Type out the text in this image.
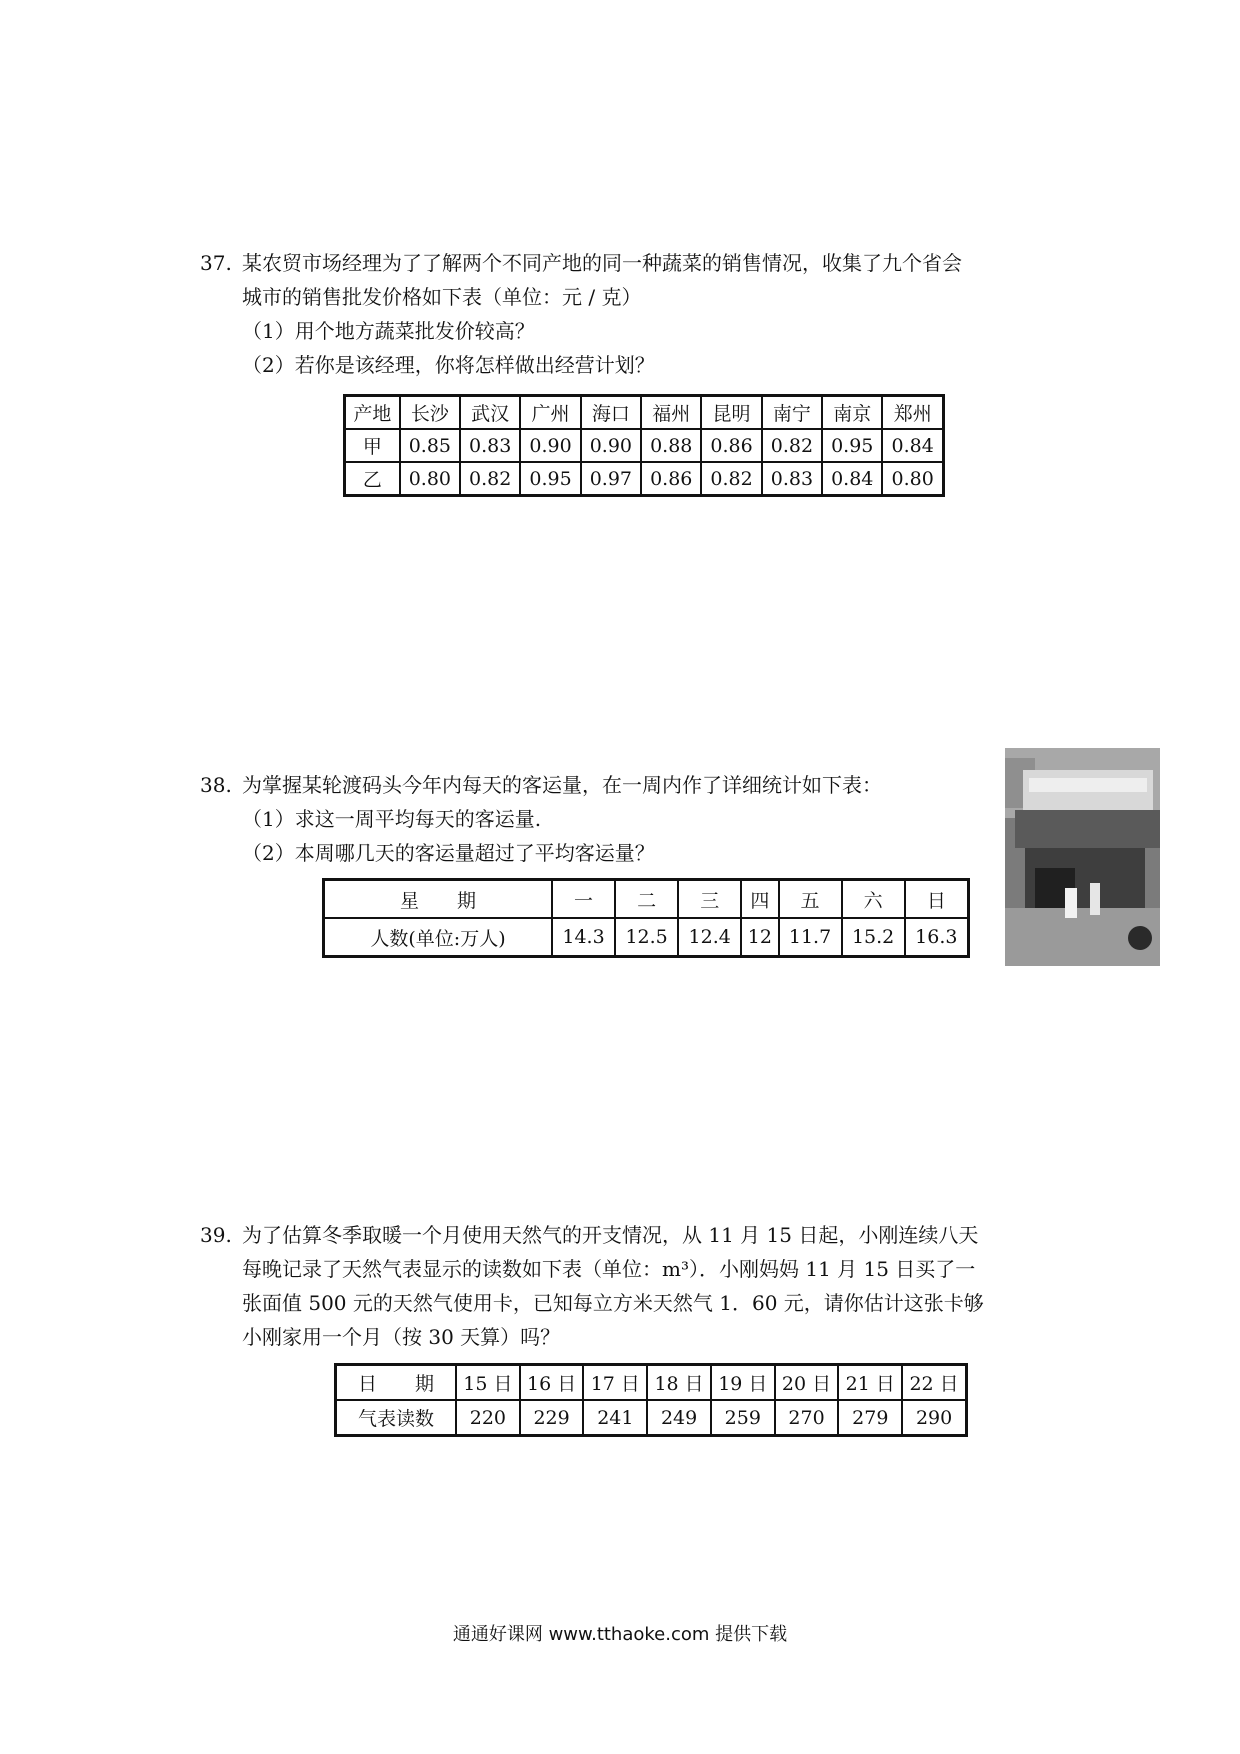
37. 某农贸市场经理为了了解两个不同产地的同一种蔬菜的销售情况，收集了九个省会

城市的销售批发价格如下表（单位：元 / 克）

（1）用个地方蔬菜批发价较高？

（2）若你是该经理，你将怎样做出经营计划？

产地	长沙	武汉	广州	海口	福州	昆明	南宁	南京	郑州
甲	0.85	0.83	0.90	0.90	0.88	0.86	0.82	0.95	0.84
乙	0.80	0.82	0.95	0.97	0.86	0.82	0.83	0.84	0.80

38. 为掌握某轮渡码头今年内每天的客运量，在一周内作了详细统计如下表：

（1）求这一周平均每天的客运量.

（2）本周哪几天的客运量超过了平均客运量？

星　　期	一	二	三	四	五	六	日
人数(单位:万人)	14.3	12.5	12.4	12	11.7	15.2	16.3

39. 为了估算冬季取暖一个月使用天然气的开支情况，从 11 月 15 日起，小刚连续八天

每晚记录了天然气表显示的读数如下表（单位：m³）．小刚妈妈 11 月 15 日买了一

张面值 500 元的天然气使用卡，已知每立方米天然气 1．60 元，请你估计这张卡够

小刚家用一个月（按 30 天算）吗？

日　　期	15 日	16 日	17 日	18 日	19 日	20 日	21 日	22 日
气表读数	220	229	241	249	259	270	279	290
通通好课网 www.tthaoke.com 提供下载
